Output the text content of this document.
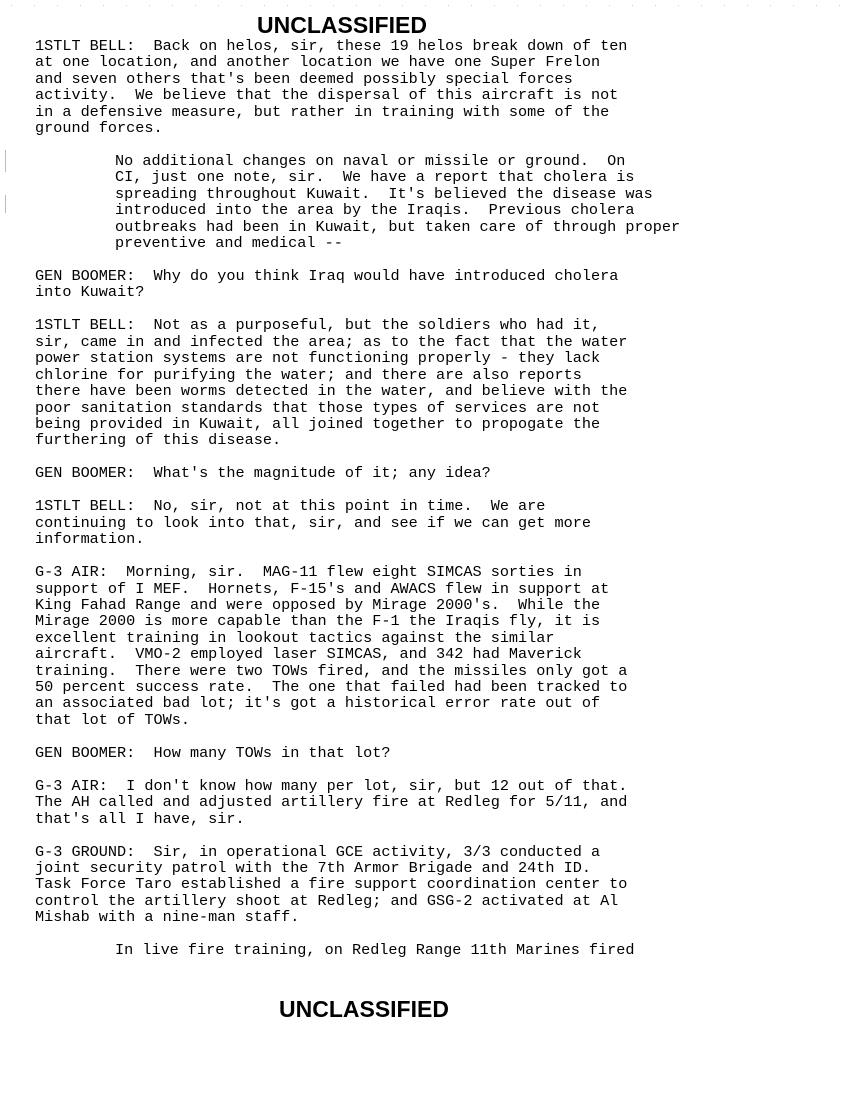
UNCLASSIFIED
1STLT BELL:  Back on helos, sir, these 19 helos break down of ten
at one location, and another location we have one Super Frelon
and seven others that's been deemed possibly special forces
activity.  We believe that the dispersal of this aircraft is not
in a defensive measure, but rather in training with some of the
ground forces.
No additional changes on naval or missile or ground.  On
CI, just one note, sir.  We have a report that cholera is
spreading throughout Kuwait.  It's believed the disease was
introduced into the area by the Iraqis.  Previous cholera
outbreaks had been in Kuwait, but taken care of through proper
preventive and medical --
GEN BOOMER:  Why do you think Iraq would have introduced cholera
into Kuwait?
1STLT BELL:  Not as a purposeful, but the soldiers who had it,
sir, came in and infected the area; as to the fact that the water
power station systems are not functioning properly - they lack
chlorine for purifying the water; and there are also reports
there have been worms detected in the water, and believe with the
poor sanitation standards that those types of services are not
being provided in Kuwait, all joined together to propogate the
furthering of this disease.
GEN BOOMER:  What's the magnitude of it; any idea?
1STLT BELL:  No, sir, not at this point in time.  We are
continuing to look into that, sir, and see if we can get more
information.
G-3 AIR:  Morning, sir.  MAG-11 flew eight SIMCAS sorties in
support of I MEF.  Hornets, F-15's and AWACS flew in support at
King Fahad Range and were opposed by Mirage 2000's.  While the
Mirage 2000 is more capable than the F-1 the Iraqis fly, it is
excellent training in lookout tactics against the similar
aircraft.  VMO-2 employed laser SIMCAS, and 342 had Maverick
training.  There were two TOWs fired, and the missiles only got a
50 percent success rate.  The one that failed had been tracked to
an associated bad lot; it's got a historical error rate out of
that lot of TOWs.
GEN BOOMER:  How many TOWs in that lot?
G-3 AIR:  I don't know how many per lot, sir, but 12 out of that.
The AH called and adjusted artillery fire at Redleg for 5/11, and
that's all I have, sir.
G-3 GROUND:  Sir, in operational GCE activity, 3/3 conducted a
joint security patrol with the 7th Armor Brigade and 24th ID.
Task Force Taro established a fire support coordination center to
control the artillery shoot at Redleg; and GSG-2 activated at Al
Mishab with a nine-man staff.
In live fire training, on Redleg Range 11th Marines fired
UNCLASSIFIED
